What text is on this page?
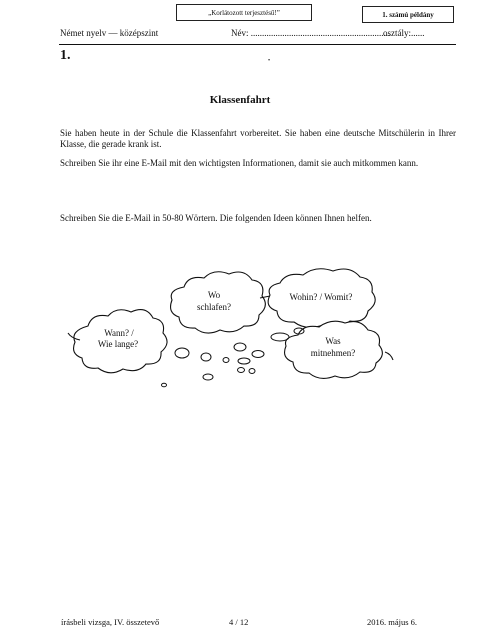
„Korlátozott terjesztésű!”	1. számú példány
Német nyelv — középszint	Név: ..............................................................
osztály:......
1.	•
Klassenfahrt
Sie haben heute in der Schule die Klassenfahrt vorbereitet. Sie haben eine deutsche Mitschülerin in Ihrer Klasse, die gerade krank ist.
Schreiben Sie ihr eine E-Mail mit den wichtigsten Informationen, damit sie auch mitkommen kann.
Schreiben Sie die E-Mail in 50-80 Wörtern. Die folgenden Ideen können Ihnen helfen.
Wann? /
Wie lange?
Wo
schlafen?
Wohin? / Womit?
Was
mitnehmen?
írásbeli vizsga, IV. összetevő	4 / 12	2016. május 6.
